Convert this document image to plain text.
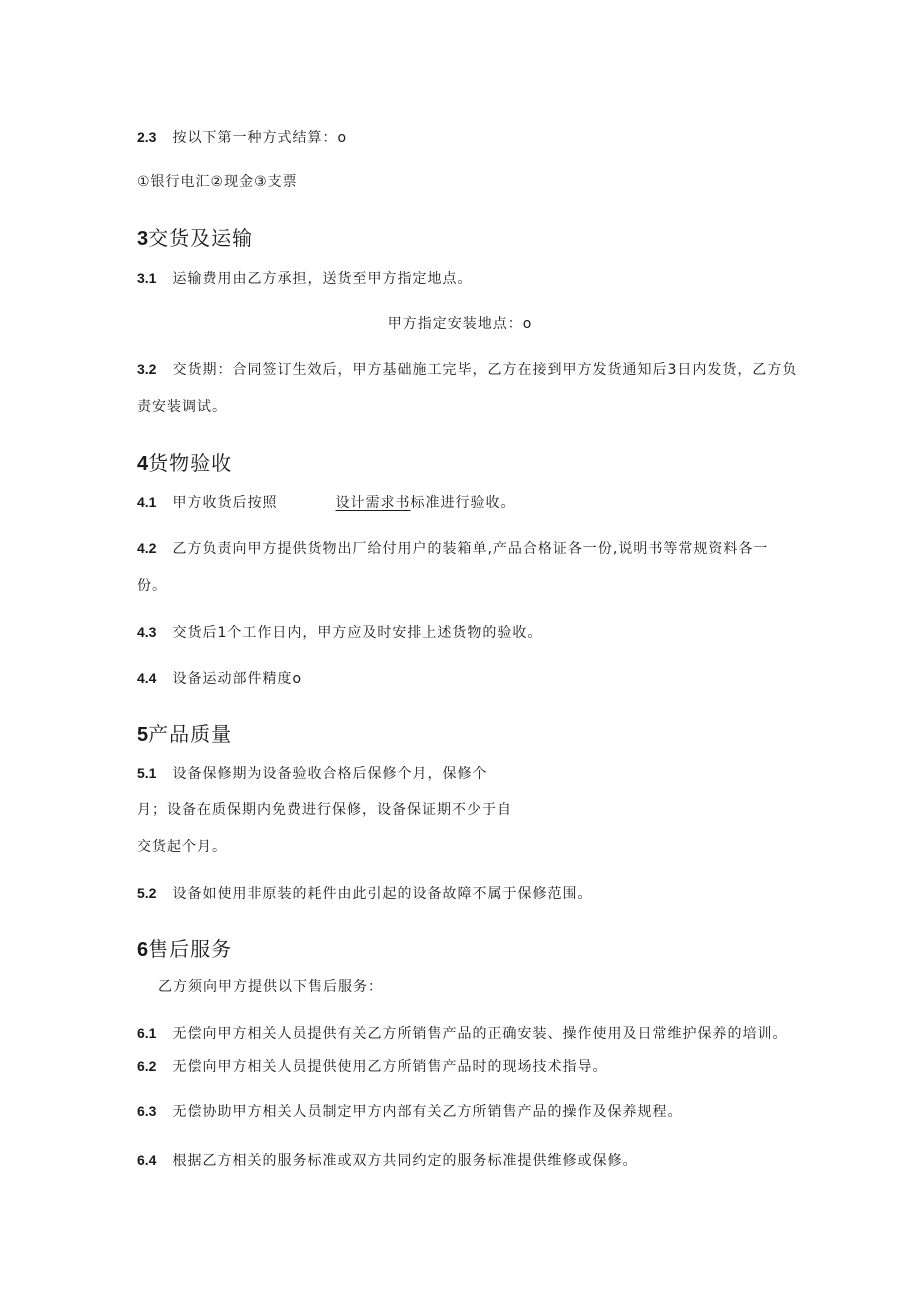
2.3 按以下第一种方式结算：o
①银行电汇②现金③支票
3交货及运输
3.1 运输费用由乙方承担，送货至甲方指定地点。
甲方指定安装地点：o
3.2 交货期：合同签订生效后，甲方基础施工完毕，乙方在接到甲方发货通知后3日内发货，乙方负
责安装调试。
4货物验收
4.1 甲方收货后按照	设计需求书标准进行验收。
4.2 乙方负责向甲方提供货物出厂给付用户的装箱单,产品合格证各一份,说明书等常规资料各一
份。
4.3 交货后1个工作日内，甲方应及时安排上述货物的验收。
4.4 设备运动部件精度o
5产品质量
5.1 设备保修期为设备验收合格后保修个月，保修个
月；设备在质保期内免费进行保修，设备保证期不少于自
交货起个月。
5.2 设备如使用非原装的耗件由此引起的设备故障不属于保修范围。
6售后服务
乙方须向甲方提供以下售后服务：
6.1 无偿向甲方相关人员提供有关乙方所销售产品的正确安装、操作使用及日常维护保养的培训。
6.2 无偿向甲方相关人员提供使用乙方所销售产品时的现场技术指导。
6.3 无偿协助甲方相关人员制定甲方内部有关乙方所销售产品的操作及保养规程。
6.4 根据乙方相关的服务标准或双方共同约定的服务标准提供维修或保修。
